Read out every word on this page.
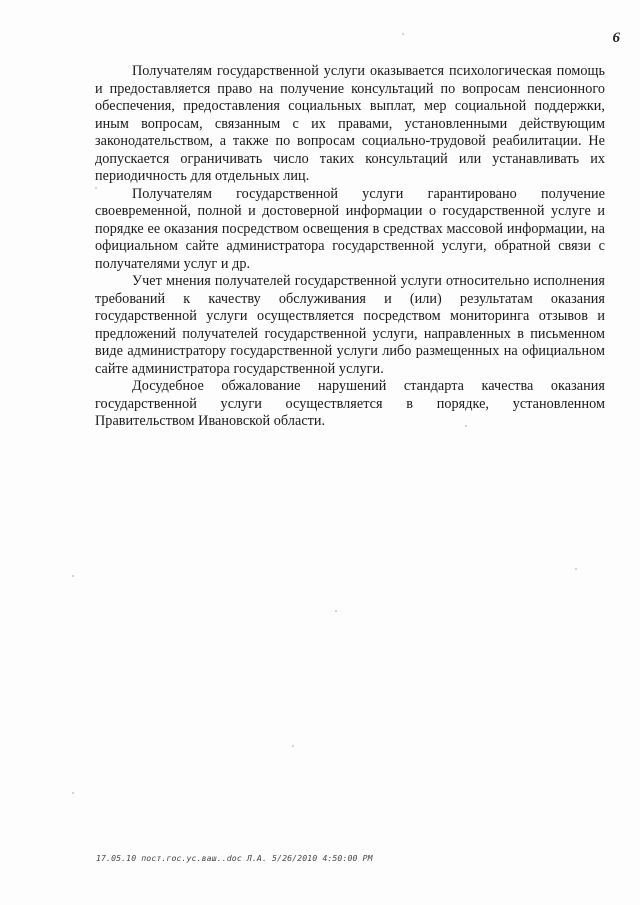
6

Получателям государственной услуги оказывается психологическая помощь и предоставляется право на получение консультаций по вопросам пенсионного обеспечения, предоставления социальных выплат, мер социальной поддержки, иным вопросам, связанным с их правами, установленными действующим законодательством, а также по вопросам социально-трудовой реабилитации. Не допускается ограничивать число таких консультаций или устанавливать их периодичность для отдельных лиц.

Получателям государственной услуги гарантировано получение своевременной, полной и достоверной информации о государственной услуге и порядке ее оказания посредством освещения в средствах массовой информации, на официальном сайте администратора государственной услуги, обратной связи с получателями услуг и др.

Учет мнения получателей государственной услуги относительно исполнения требований к качеству обслуживания и (или) результатам оказания государственной услуги осуществляется посредством мониторинга отзывов и предложений получателей государственной услуги, направленных в письменном виде администратору государственной услуги либо размещенных на официальном сайте администратора государственной услуги.

Досудебное обжалование нарушений стандарта качества оказания государственной услуги осуществляется в порядке, установленном Правительством Ивановской области.

17.05.10 пост.гос.ус.ваш..doc Л.А. 5/26/2010 4:50:00 PM
